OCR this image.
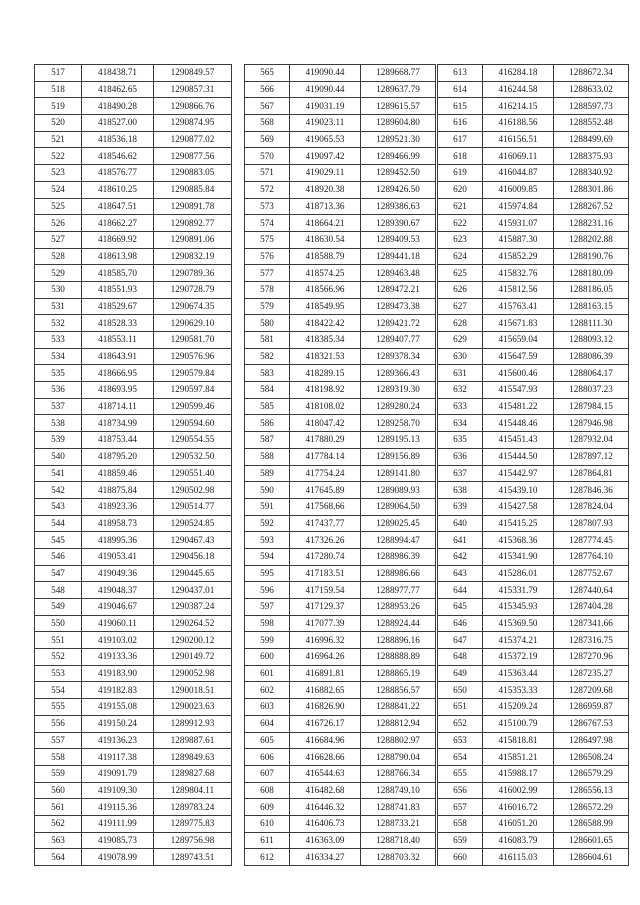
517	418438.71	1290849.57
518	418462.65	1290857.31
519	418490.28	1290866.76
520	418527.00	1290874.95
521	418536.18	1290877.02
522	418546.62	1290877.56
523	418576.77	1290883.05
524	418610.25	1290885.84
525	418647.51	1290891.78
526	418662.27	1290892.77
527	418669.92	1290891.06
528	418613.98	1290832.19
529	418585.70	1290789.36
530	418551.93	1290728.79
531	418529.67	1290674.35
532	418528.33	1290629.10
533	418553.11	1290581.70
534	418643.91	1290576.96
535	418666.95	1290579.84
536	418693.95	1290597.84
537	418714.11	1290599.46
538	418734.99	1290594.60
539	418753.44	1290554.55
540	418795.20	1290532.50
541	418859.46	1290551.40
542	418875.84	1290502.98
543	418923.36	1290514.77
544	418958.73	1290524.85
545	418995.36	1290467.43
546	419053.41	1290456.18
547	419049.36	1290445.65
548	419048.37	1290437.01
549	419046.67	1290387.24
550	419060.11	1290264.52
551	419103.02	1290200.12
552	419133.36	1290149.72
553	419183.90	1290052.98
554	419182.83	1290018.51
555	419155.08	1290023.63
556	419150.24	1289912.93
557	419136.23	1289887.61
558	419117.38	1289849.63
559	419091.79	1289827.68
560	419109.30	1289804.11
561	419115.36	1289783.24
562	419111.99	1289775.83
563	419085.73	1289756.98
564	419078.99	1289743.51
565	419090.44	1289668.77
566	419090.44	1289637.79
567	419031.19	1289615.57
568	419023.11	1289604.80
569	419065.53	1289521.30
570	419097.42	1289466.99
571	419029.11	1289452.50
572	418920.38	1289426.50
573	418713.36	1289386.63
574	418664.21	1289390.67
575	418630.54	1289409.53
576	418588.79	1289441.18
577	418574.25	1289463.48
578	418566.96	1289472.21
579	418549.95	1289473.38
580	418422.42	1289421.72
581	418385.34	1289407.77
582	418321.53	1289378.34
583	418289.15	1289366.43
584	418198.92	1289319.30
585	418108.02	1289280.24
586	418047.42	1289258.70
587	417880.29	1289195.13
588	417784.14	1289156.89
589	417754.24	1289141.80
590	417645.89	1289089.93
591	417568.66	1289064.50
592	417437.77	1289025.45
593	417326.26	1288994.47
594	417280.74	1288986.39
595	417183.51	1288986.66
596	417159.54	1288977.77
597	417129.37	1288953.26
598	417077.39	1288924.44
599	416996.32	1288896.16
600	416964.26	1288888.89
601	416891.81	1288865.19
602	416882.65	1288856.57
603	416826.90	1288841.22
604	416726.17	1288812.94
605	416684.96	1288802.97
606	416628.66	1288790.04
607	416544.63	1288766.34
608	416482.68	1288749.10
609	416446.32	1288741.83
610	416406.73	1288733.21
611	416363.09	1288718.40
612	416334.27	1288703.32
613	416284.18	1288672.34
614	416244.58	1288633.02
615	416214.15	1288597.73
616	416188.56	1288552.48
617	416156.51	1288499.69
618	416069.11	1288375.93
619	416044.87	1288340.92
620	416009.85	1288301.86
621	415974.84	1288267.52
622	415931.07	1288231.16
623	415887.30	1288202.88
624	415852.29	1288190.76
625	415832.76	1288180.09
626	415812.56	1288186.05
627	415763.41	1288163.15
628	415671.83	1288111.30
629	415659.04	1288093.12
630	415647.59	1288086.39
631	415600.46	1288064.17
632	415547.93	1288037.23
633	415481.22	1287984.15
634	415448.46	1287946.98
635	415451.43	1287932.04
636	415444.50	1287897.12
637	415442.97	1287864.81
638	415439.10	1287846.36
639	415427.58	1287824.04
640	415415.25	1287807.93
641	415368.36	1287774.45
642	415341.90	1287764.10
643	415286.01	1287752.67
644	415331.79	1287440.64
645	415345.93	1287404.28
646	415369.50	1287341.66
647	415374.21	1287316.75
648	415372.19	1287270.96
649	415363.44	1287235.27
650	415353.33	1287209.68
651	415209.24	1286959.87
652	415100.79	1286767.53
653	415818.81	1286497.98
654	415851.21	1286508.24
655	415988.17	1286579.29
656	416002.99	1286556.13
657	416016.72	1286572.29
658	416051.20	1286588.99
659	416083.79	1286601.65
660	416115.03	1286604.61
